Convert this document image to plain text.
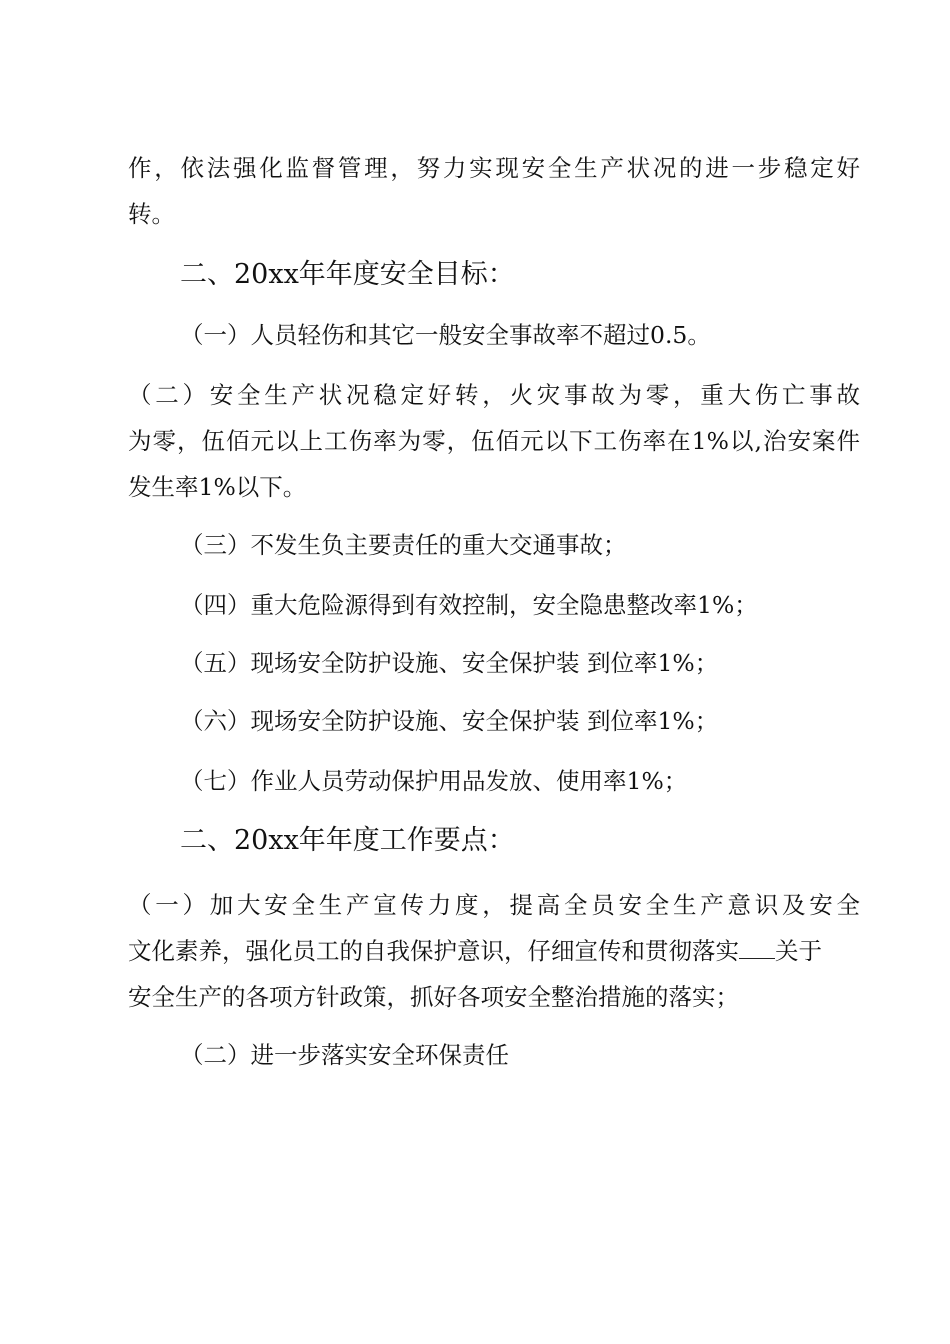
作，依法强化监督管理，努力实现安全生产状况的进一步稳定好
转。
二、20xx年年度安全目标：
（一）人员轻伤和其它一般安全事故率不超过0.5。
（二）安全生产状况稳定好转，火灾事故为零，重大伤亡事故
为零，伍佰元以上工伤率为零，伍佰元以下工伤率在1%以,治安案件
发生率1%以下。
（三）不发生负主要责任的重大交通事故；
（四）重大危险源得到有效控制，安全隐患整改率1%；
（五）现场安全防护设施、安全保护装 到位率1%；
（六）现场安全防护设施、安全保护装 到位率1%；
（七）作业人员劳动保护用品发放、使用率1%；
二、20xx年年度工作要点：
（一）加大安全生产宣传力度，提高全员安全生产意识及安全
文化素养，强化员工的自我保护意识，仔细宣传和贯彻落实 关于
安全生产的各项方针政策，抓好各项安全整治措施的落实；
（二）进一步落实安全环保责任
